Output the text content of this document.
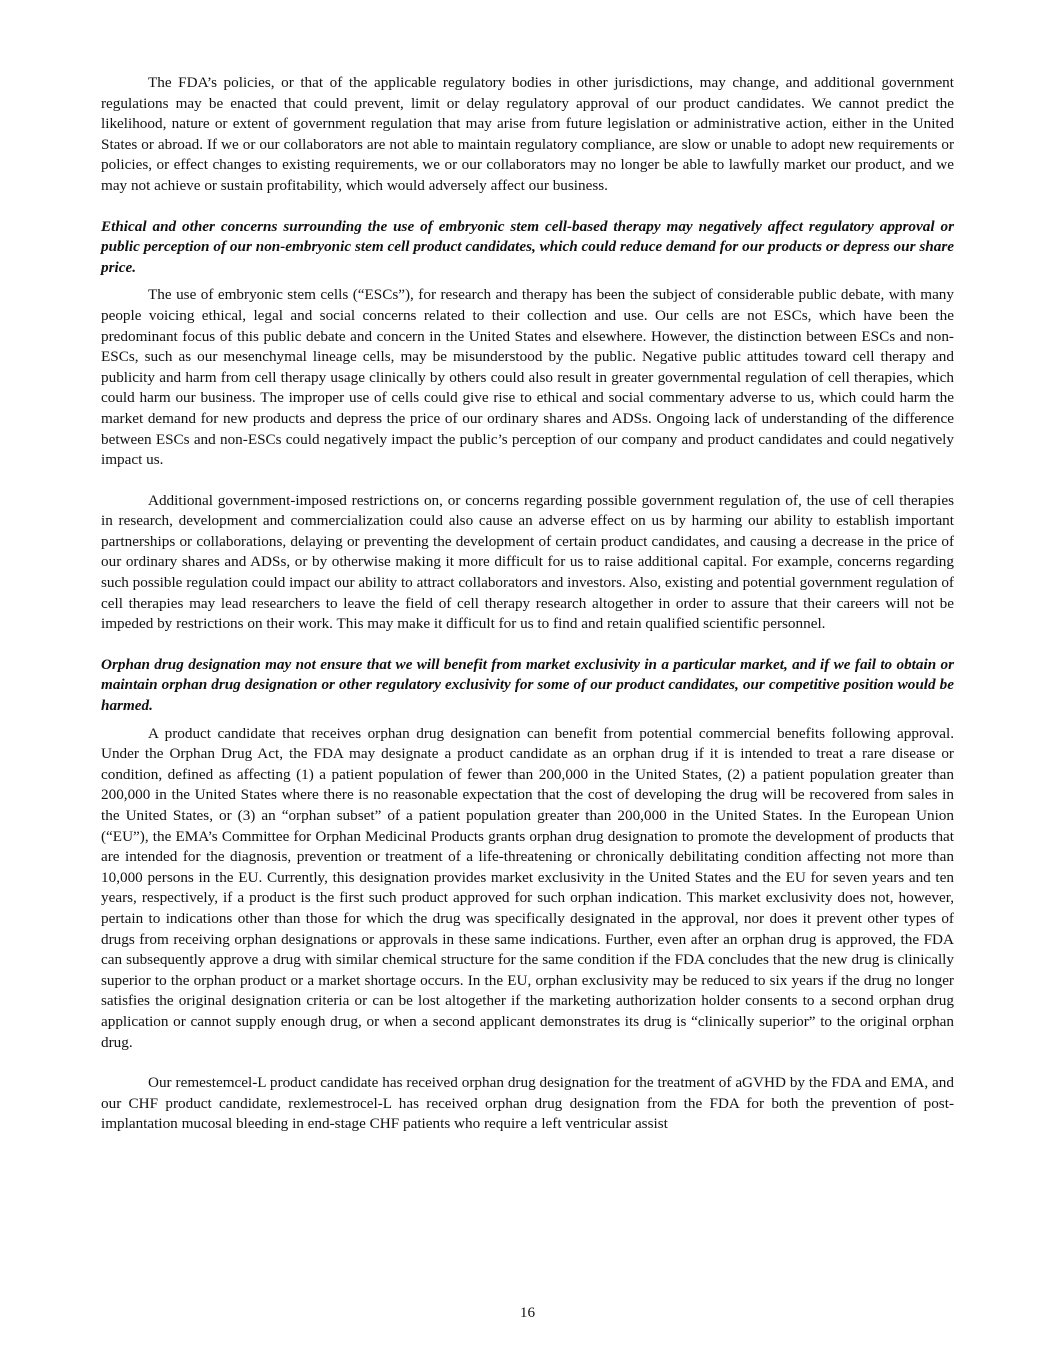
The FDA’s policies, or that of the applicable regulatory bodies in other jurisdictions, may change, and additional government regulations may be enacted that could prevent, limit or delay regulatory approval of our product candidates. We cannot predict the likelihood, nature or extent of government regulation that may arise from future legislation or administrative action, either in the United States or abroad. If we or our collaborators are not able to maintain regulatory compliance, are slow or unable to adopt new requirements or policies, or effect changes to existing requirements, we or our collaborators may no longer be able to lawfully market our product, and we may not achieve or sustain profitability, which would adversely affect our business.

Ethical and other concerns surrounding the use of embryonic stem cell-based therapy may negatively affect regulatory approval or public perception of our non-embryonic stem cell product candidates, which could reduce demand for our products or depress our share price.

The use of embryonic stem cells (“ESCs”), for research and therapy has been the subject of considerable public debate, with many people voicing ethical, legal and social concerns related to their collection and use. Our cells are not ESCs, which have been the predominant focus of this public debate and concern in the United States and elsewhere. However, the distinction between ESCs and non-ESCs, such as our mesenchymal lineage cells, may be misunderstood by the public. Negative public attitudes toward cell therapy and publicity and harm from cell therapy usage clinically by others could also result in greater governmental regulation of cell therapies, which could harm our business. The improper use of cells could give rise to ethical and social commentary adverse to us, which could harm the market demand for new products and depress the price of our ordinary shares and ADSs. Ongoing lack of understanding of the difference between ESCs and non-ESCs could negatively impact the public’s perception of our company and product candidates and could negatively impact us.

Additional government-imposed restrictions on, or concerns regarding possible government regulation of, the use of cell therapies in research, development and commercialization could also cause an adverse effect on us by harming our ability to establish important partnerships or collaborations, delaying or preventing the development of certain product candidates, and causing a decrease in the price of our ordinary shares and ADSs, or by otherwise making it more difficult for us to raise additional capital. For example, concerns regarding such possible regulation could impact our ability to attract collaborators and investors. Also, existing and potential government regulation of cell therapies may lead researchers to leave the field of cell therapy research altogether in order to assure that their careers will not be impeded by restrictions on their work. This may make it difficult for us to find and retain qualified scientific personnel.

Orphan drug designation may not ensure that we will benefit from market exclusivity in a particular market, and if we fail to obtain or maintain orphan drug designation or other regulatory exclusivity for some of our product candidates, our competitive position would be harmed.

A product candidate that receives orphan drug designation can benefit from potential commercial benefits following approval. Under the Orphan Drug Act, the FDA may designate a product candidate as an orphan drug if it is intended to treat a rare disease or condition, defined as affecting (1) a patient population of fewer than 200,000 in the United States, (2) a patient population greater than 200,000 in the United States where there is no reasonable expectation that the cost of developing the drug will be recovered from sales in the United States, or (3) an “orphan subset” of a patient population greater than 200,000 in the United States. In the European Union (“EU”), the EMA’s Committee for Orphan Medicinal Products grants orphan drug designation to promote the development of products that are intended for the diagnosis, prevention or treatment of a life-threatening or chronically debilitating condition affecting not more than 10,000 persons in the EU. Currently, this designation provides market exclusivity in the United States and the EU for seven years and ten years, respectively, if a product is the first such product approved for such orphan indication. This market exclusivity does not, however, pertain to indications other than those for which the drug was specifically designated in the approval, nor does it prevent other types of drugs from receiving orphan designations or approvals in these same indications. Further, even after an orphan drug is approved, the FDA can subsequently approve a drug with similar chemical structure for the same condition if the FDA concludes that the new drug is clinically superior to the orphan product or a market shortage occurs. In the EU, orphan exclusivity may be reduced to six years if the drug no longer satisfies the original designation criteria or can be lost altogether if the marketing authorization holder consents to a second orphan drug application or cannot supply enough drug, or when a second applicant demonstrates its drug is “clinically superior” to the original orphan drug.

Our remestemcel-L product candidate has received orphan drug designation for the treatment of aGVHD by the FDA and EMA, and our CHF product candidate, rexlemestrocel-L has received orphan drug designation from the FDA for both the prevention of post-implantation mucosal bleeding in end-stage CHF patients who require a left ventricular assist

16
